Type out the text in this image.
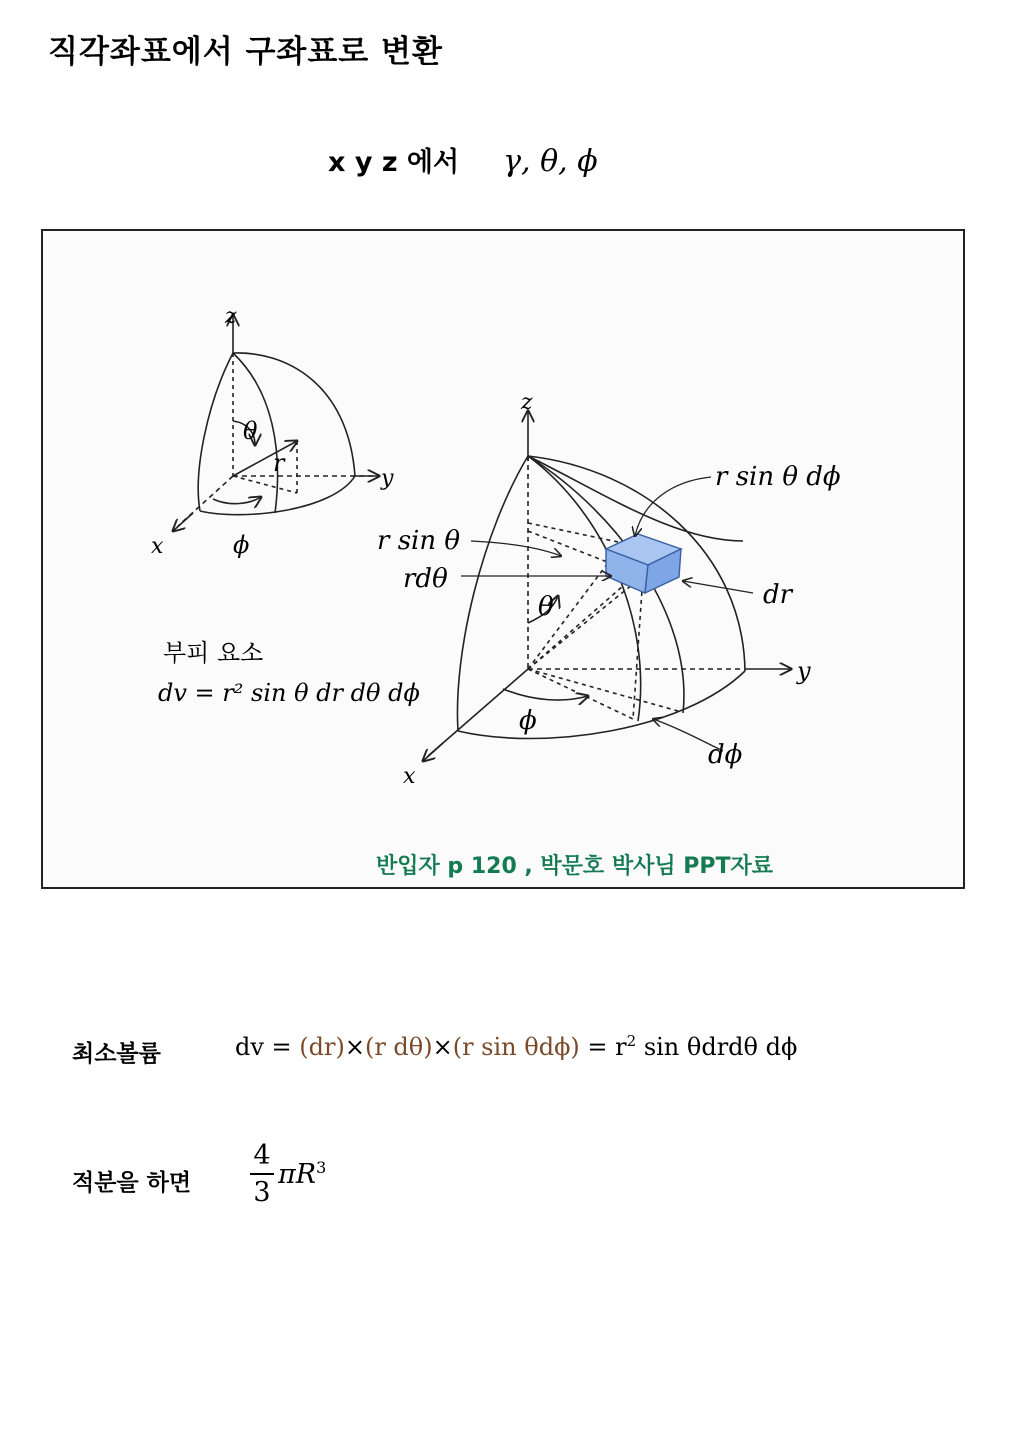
직각좌표에서 구좌표로 변환
x y z 에서 γ, θ, ϕ
z
y
x
θ
r
ϕ
부피 요소
dv = r² sin θ dr dθ dϕ
z
y
x
r sin θ dϕ
r sin θ
rdθ
dr
θ
ϕ
dϕ
반입자 p 120 , 박문호 박사님 PPT자료
최소볼륨	dv = (dr)×(r dθ)×(r $\sin \theta d\phi) = r^2$ sin θdrdθ dϕ
적분을 하면
4
3
$\pi R^3$
